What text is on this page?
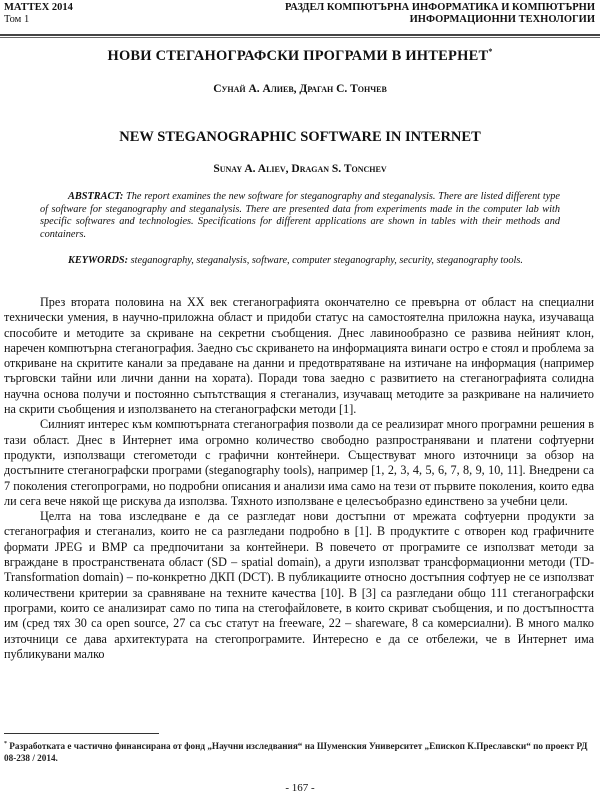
MATTEX 2014
Том 1
РАЗДЕЛ КОМПЮТЪРНА ИНФОРМАТИКА И КОМПЮТЪРНИ
ИНФОРМАЦИОННИ ТЕХНОЛОГИИ
НОВИ СТЕГАНОГРАФСКИ ПРОГРАМИ В ИНТЕРНЕТ*
Сунай А. Алиев, Драган С. Тончев
NEW STEGANOGRAPHIC SOFTWARE IN INTERNET
Sunay A. Aliev, Dragan S. Tonchev
ABSTRACT: The report examines the new software for steganography and steganalysis. There are listed different type of software for steganography and steganalysis. There are presented data from experiments made in the computer lab with specific softwares and technologies. Specifications for different applications are shown in tables with their methods and containers.
KEYWORDS: steganography, steganalysis, software, computer steganography, security, steganography tools.

През втората половина на XX век стеганографията окончателно се превърна от област на специални технически умения, в научно-приложна област и придоби статус на самостоятелна приложна наука, изучаваща способите и методите за скриване на секретни съобщения. Днес лавинообразно се развива нейният клон, наречен компютърна стеганография. Заедно със скриването на информацията винаги остро е стоял и проблема за откриване на скритите канали за предаване на данни и предотвратяване на изтичане на информация (например търговски тайни или лични данни на хората). Поради това заедно с развитието на стеганографията солидна научна основа получи и постоянно съпътстващия я стеганализ, изучаващ методите за разкриване на наличието на скрити съобщения и използването на стеганографски методи [1].

Силният интерес към компютърната стеганография позволи да се реализират много програмни решения в тази област. Днес в Интернет има огромно количество свободно разпространявани и платени софтуерни продукти, използващи стегометоди с графични контейнери. Съществуват много източници за обзор на достъпните стеганографски програми (steganography tools), например [1, 2, 3, 4, 5, 6, 7, 8, 9, 10, 11]. Внедрени са 7 поколения стегопрограми, но подробни описания и анализи има само на тези от първите поколения, които едва ли сега вече някой ще рискува да използва. Тяхното използване е целесъобразно единствено за учебни цели.

Целта на това изследване е да се разгледат нови достъпни от мрежата софтуерни продукти за стеганография и стеганализ, които не са разгледани подробно в [1]. В продуктите с отворен код графичните формати JPEG и BMP са предпочитани за контейнери. В повечето от програмите се използват методи за вграждане в пространствената област (SD – spatial domain), а други използват трансформационни методи (TD-Transformation domain) – по-конкретно ДКП (DCT). В публикациите относно достъпния софтуер не се използват количествени критерии за сравняване на техните качества [10]. В [3] са разгледани общо 111 стеганографски програми, които се анализират само по типа на стегофайловете, в които скриват съобщения, и по достъпността им (сред тях 30 са open source, 27 са със статут на freeware, 22 – shareware, 8 са комерсиални). В много малко източници се дава архитектурата на стегопрограмите. Интересно е да се отбележи, че в Интернет има публикувани малко

* Разработката е частично финансирана от фонд „Научни изследвания“ на Шуменския Университет „Епископ К.Преславски“ по проект РД 08-238 / 2014.
- 167 -
